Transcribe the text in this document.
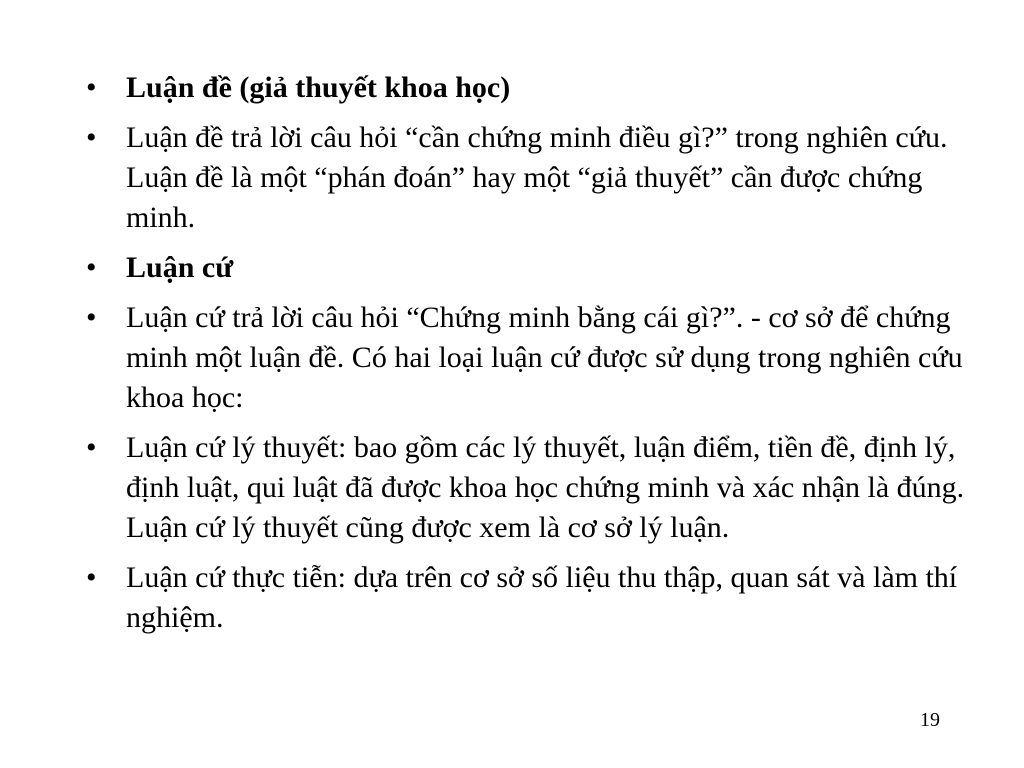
• Luận đề (giả thuyết khoa học)
• Luận đề trả lời câu hỏi “cần chứng minh điều gì?” trong nghiên cứu. Luận đề là một “phán đoán” hay một “giả thuyết” cần được chứng minh.
• Luận cứ
• Luận cứ trả lời câu hỏi “Chứng minh bằng cái gì?”. - cơ sở để chứng minh một luận đề. Có hai loại luận cứ được sử dụng trong nghiên cứu khoa học:
• Luận cứ lý thuyết: bao gồm các lý thuyết, luận điểm, tiền đề, định lý, định luật, qui luật đã được khoa học chứng minh và xác nhận là đúng. Luận cứ lý thuyết cũng được xem là cơ sở lý luận.
• Luận cứ thực tiễn: dựa trên cơ sở số liệu thu thập, quan sát và làm thí nghiệm.
19
